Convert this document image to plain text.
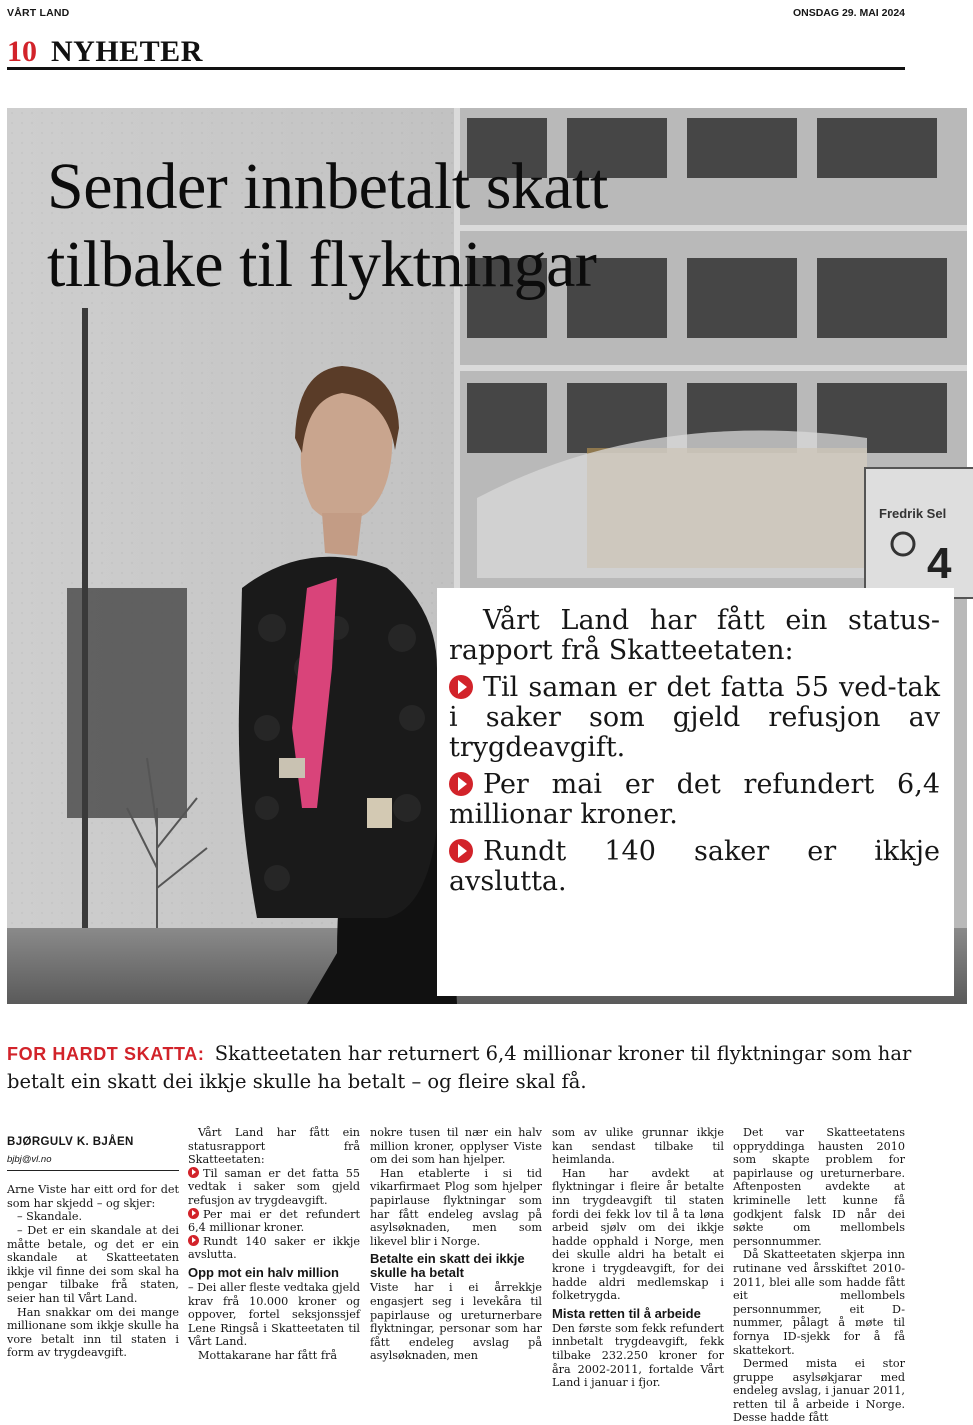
VÅRT LAND	ONSDAG 29. MAI 2024
10 NYHETER
Fredrik Sel
4
Sender innbetalt skatt
tilbake til flyktningar

Vårt Land har fått ein status-rapport frå Skatteetaten:

Til saman er det fatta 55 ved-tak i saker som gjeld refusjon av trygdeavgift.

Per mai er det refundert 6,4 millionar kroner.

Rundt 140 saker er ikkje avslutta.

FOR HARDT SKATTA: Skatteetaten har returnert 6,4 millionar kroner til flyktningar som har betalt ein skatt dei ikkje skulle ha betalt – og fleire skal få.
BJØRGULV K. BJÅEN
bjbj@vl.no

Arne Viste har eitt ord for det som har skjedd – og skjer:

– Skandale.

– Det er ein skandale at dei måtte betale, og det er ein skandale at Skatteetaten ikkje vil finne dei som skal ha pengar tilbake frå staten, seier han til Vårt Land.

Han snakkar om dei mange millionane som ikkje skulle ha vore betalt inn til staten i form av trygdeavgift.

Vårt Land har fått ein statusrapport frå Skatteetaten:

Til saman er det fatta 55 vedtak i saker som gjeld refusjon av trygdeavgift.

Per mai er det refundert 6,4 millionar kroner.

Rundt 140 saker er ikkje avslutta.

Opp mot ein halv million

– Dei aller fleste vedtaka gjeld krav frå 10.000 kroner og oppover, fortel seksjonssjef Lene Ringså i Skatteetaten til Vårt Land.

Mottakarane har fått frå

nokre tusen til nær ein halv million kroner, opplyser Viste om dei som han hjelper.

Han etablerte i si tid vikarfirmaet Plog som hjelper papirlause flyktningar som har fått endeleg avslag på asylsøknaden, men som likevel blir i Norge.

Betalte ein skatt dei ikkje skulle ha betalt

Viste har i ei årrekkje engasjert seg i levekåra til papirlause og ureturnerbare flyktningar, personar som har fått endeleg avslag på asylsøknaden, men

som av ulike grunnar ikkje kan sendast tilbake til heimlanda.

Han har avdekt at flyktningar i fleire år betalte inn trygdeavgift til staten fordi dei fekk lov til å ta løna arbeid sjølv om dei ikkje hadde opphald i Norge, men dei skulle aldri ha betalt ei krone i trygdeavgift, for dei hadde aldri medlemskap i folketrygda.

Mista retten til å arbeide

Den første som fekk refundert innbetalt trygdeavgift, fekk tilbake 232.250 kroner for åra 2002-2011, fortalde Vårt Land i januar i fjor.

Det var Skatteetatens oppryddinga hausten 2010 som skapte problem for papirlause og ureturnerbare. Aftenposten avdekte at kriminelle lett kunne få godkjent falsk ID når dei søkte om mellombels personnummer.

Då Skatteetaten skjerpa inn rutinane ved årsskiftet 2010-2011, blei alle som hadde fått eit mellombels personnummer, eit D-nummer, pålagt å møte til fornya ID-sjekk for å få skattekort.

Dermed mista ei stor gruppe asylsøkjarar med endeleg avslag, i januar 2011, retten til å arbeide i Norge. Desse hadde fått
